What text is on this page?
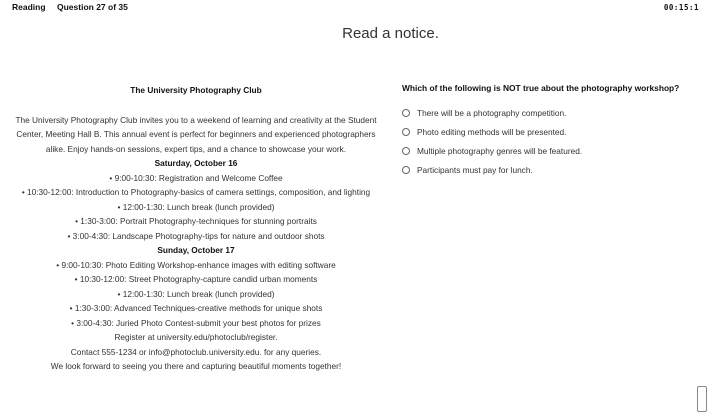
Reading Question 27 of 35	00:15:1
Read a notice.
The University Photography Club
The University Photography Club invites you to a weekend of learning and creativity at the Student Center, Meeting Hall B. This annual event is perfect for beginners and experienced photographers alike. Enjoy hands-on sessions, expert tips, and a chance to showcase your work.
Saturday, October 16
• 9:00-10:30: Registration and Welcome Coffee
• 10:30-12:00: Introduction to Photography-basics of camera settings, composition, and lighting
• 12:00-1:30: Lunch break (lunch provided)
• 1:30-3:00: Portrait Photography-techniques for stunning portraits
• 3:00-4:30: Landscape Photography-tips for nature and outdoor shots
Sunday, October 17
• 9:00-10:30: Photo Editing Workshop-enhance images with editing software
• 10:30-12:00: Street Photography-capture candid urban moments
• 12:00-1:30: Lunch break (lunch provided)
• 1:30-3:00: Advanced Techniques-creative methods for unique shots
• 3:00-4:30: Juried Photo Contest-submit your best photos for prizes
Register at university.edu/photoclub/register.
Contact 555-1234 or info@photoclub.university.edu. for any queries.
We look forward to seeing you there and capturing beautiful moments together!
Which of the following is NOT true about the photography workshop?
There will be a photography competition.
Photo editing methods will be presented.
Multiple photography genres will be featured.
Participants must pay for lunch.
